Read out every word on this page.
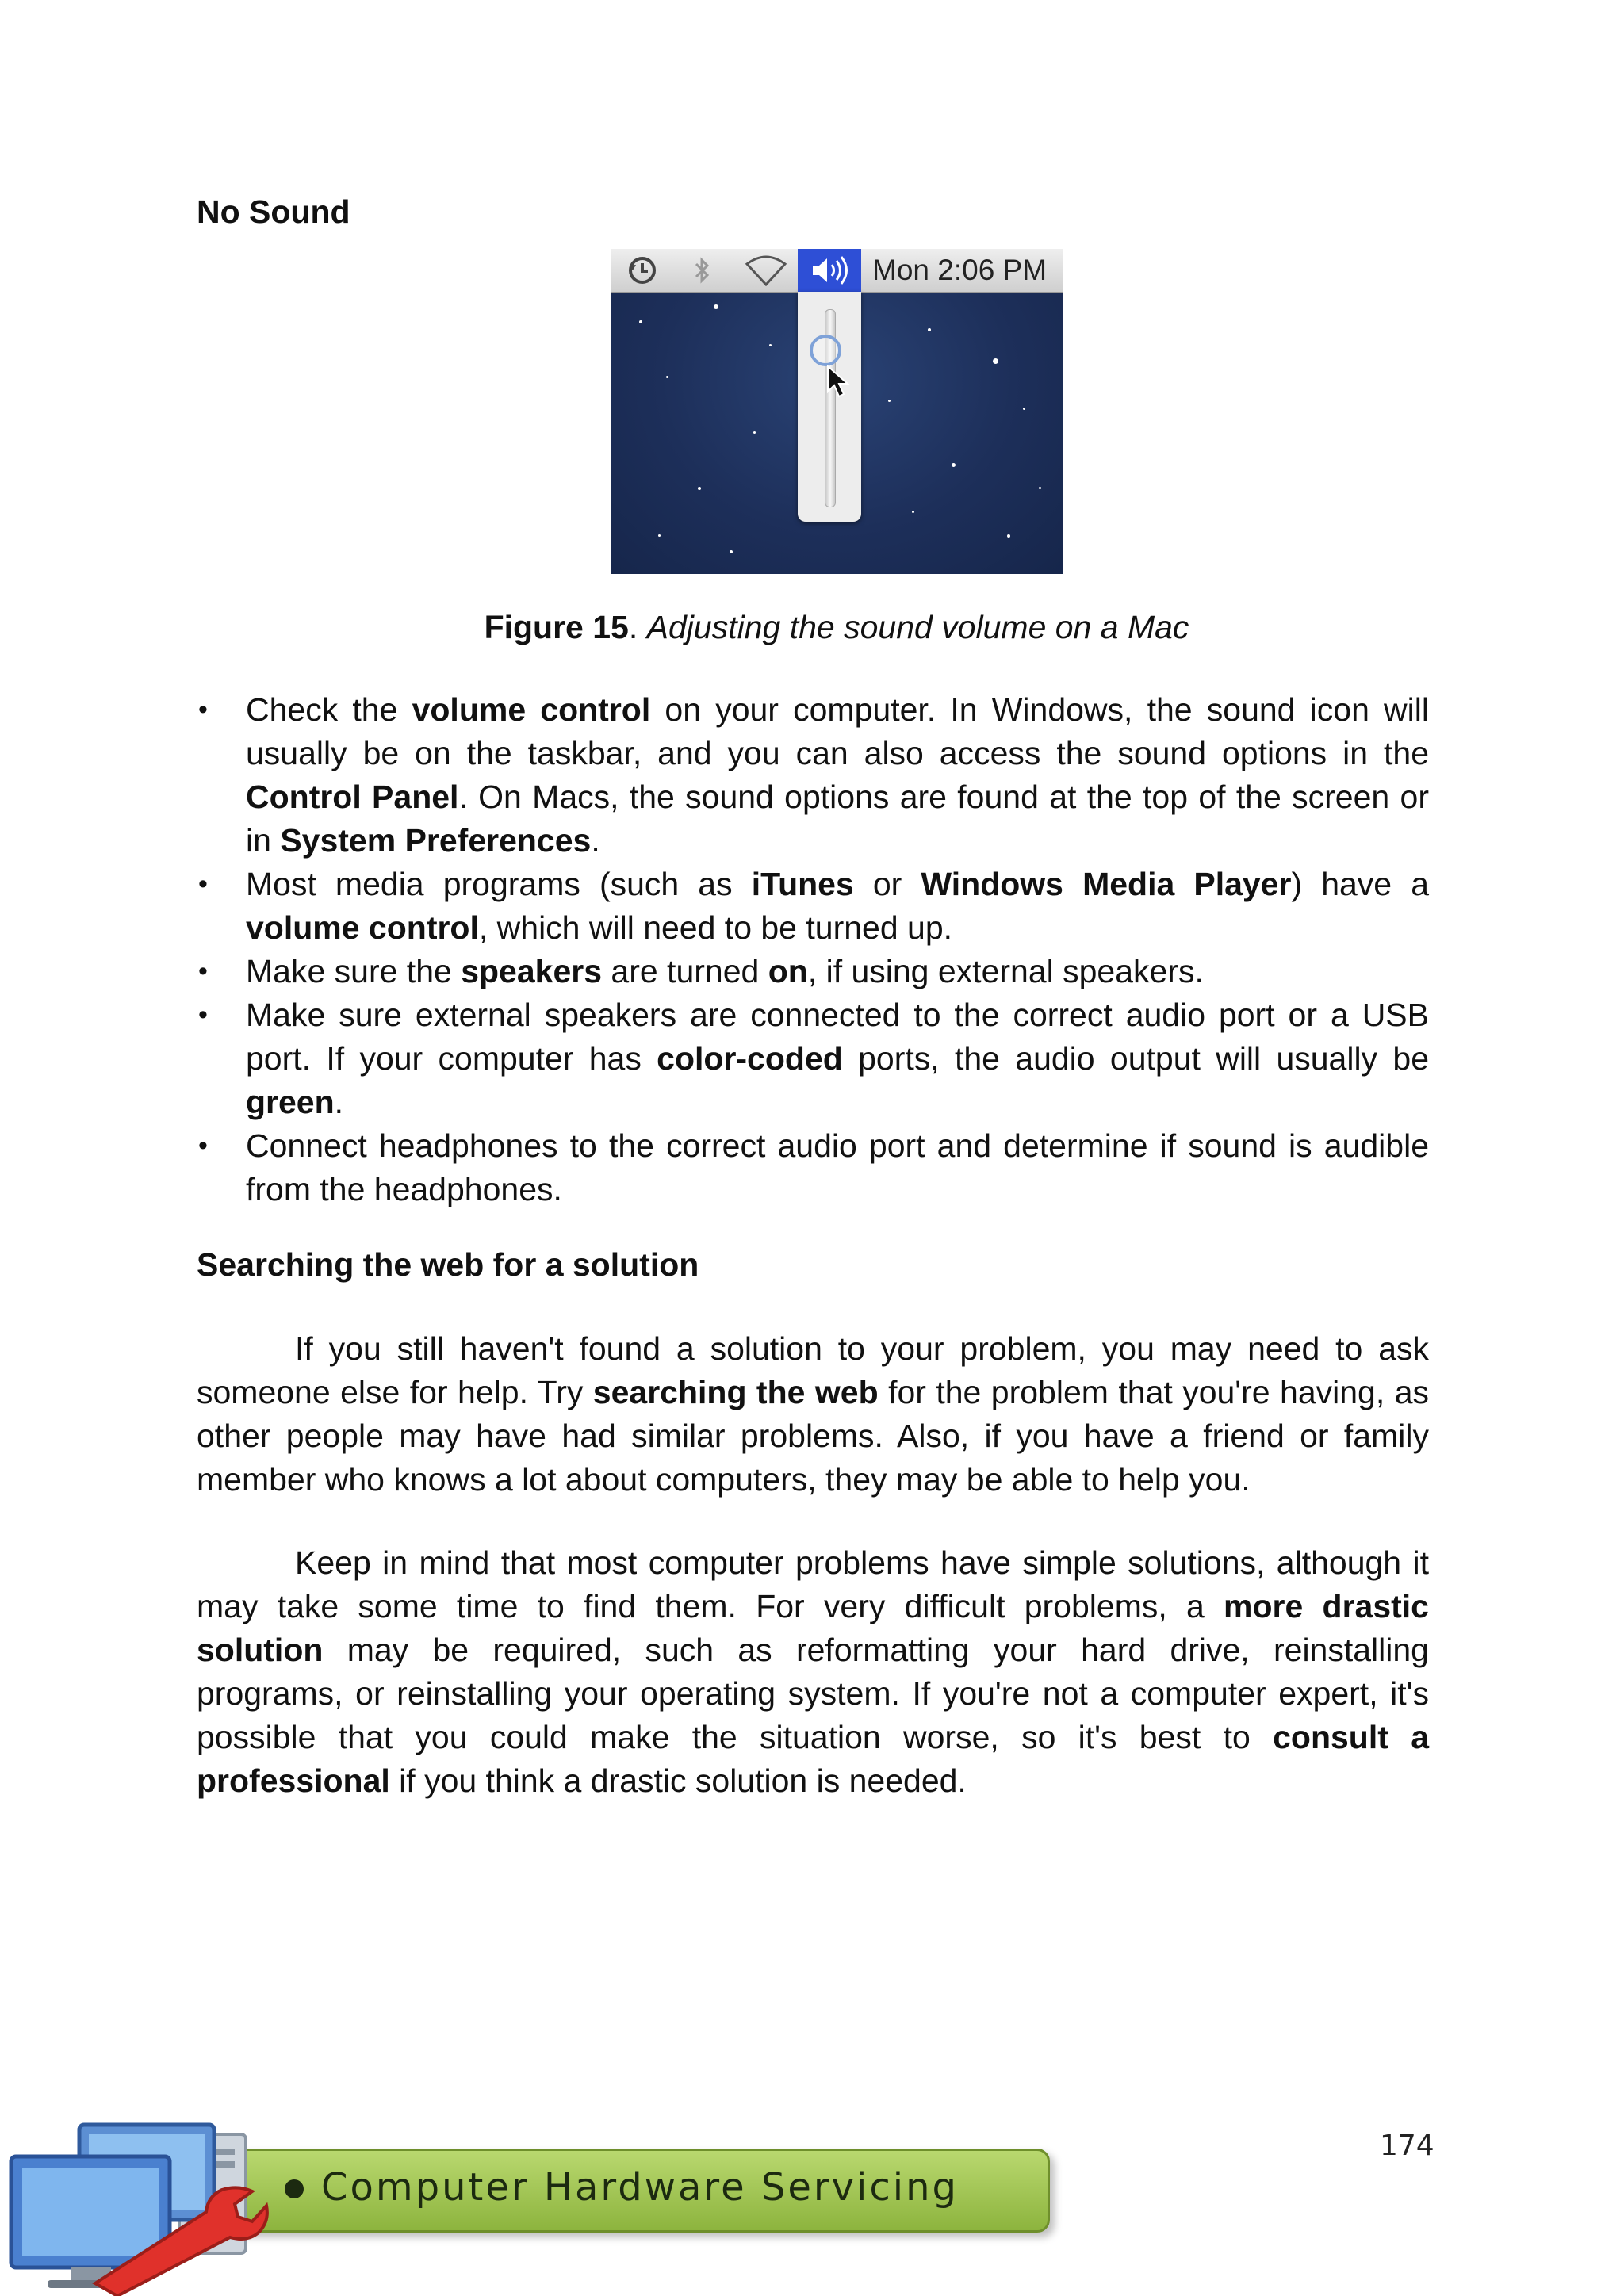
No Sound
Mon 2:06 PM
Figure 15. Adjusting the sound volume on a Mac
• Check the volume control on your computer. In Windows, the sound icon will usually be on the taskbar, and you can also access the sound options in the Control Panel. On Macs, the sound options are found at the top of the screen or in System Preferences.
• Most media programs (such as iTunes or Windows Media Player) have a volume control, which will need to be turned up.
• Make sure the speakers are turned on, if using external speakers.
• Make sure external speakers are connected to the correct audio port or a USB port. If your computer has color-coded ports, the audio output will usually be green.
• Connect headphones to the correct audio port and determine if sound is audible from the headphones.
Searching the web for a solution

If you still haven't found a solution to your problem, you may need to ask someone else for help. Try searching the web for the problem that you're having, as other people may have had similar problems. Also, if you have a friend or family member who knows a lot about computers, they may be able to help you.

Keep in mind that most computer problems have simple solutions, although it may take some time to find them. For very difficult problems, a more drastic solution may be required, such as reformatting your hard drive, reinstalling programs, or reinstalling your operating system. If you're not a computer expert, it's possible that you could make the situation worse, so it's best to consult a professional if you think a drastic solution is needed.

174
Computer Hardware Servicing
